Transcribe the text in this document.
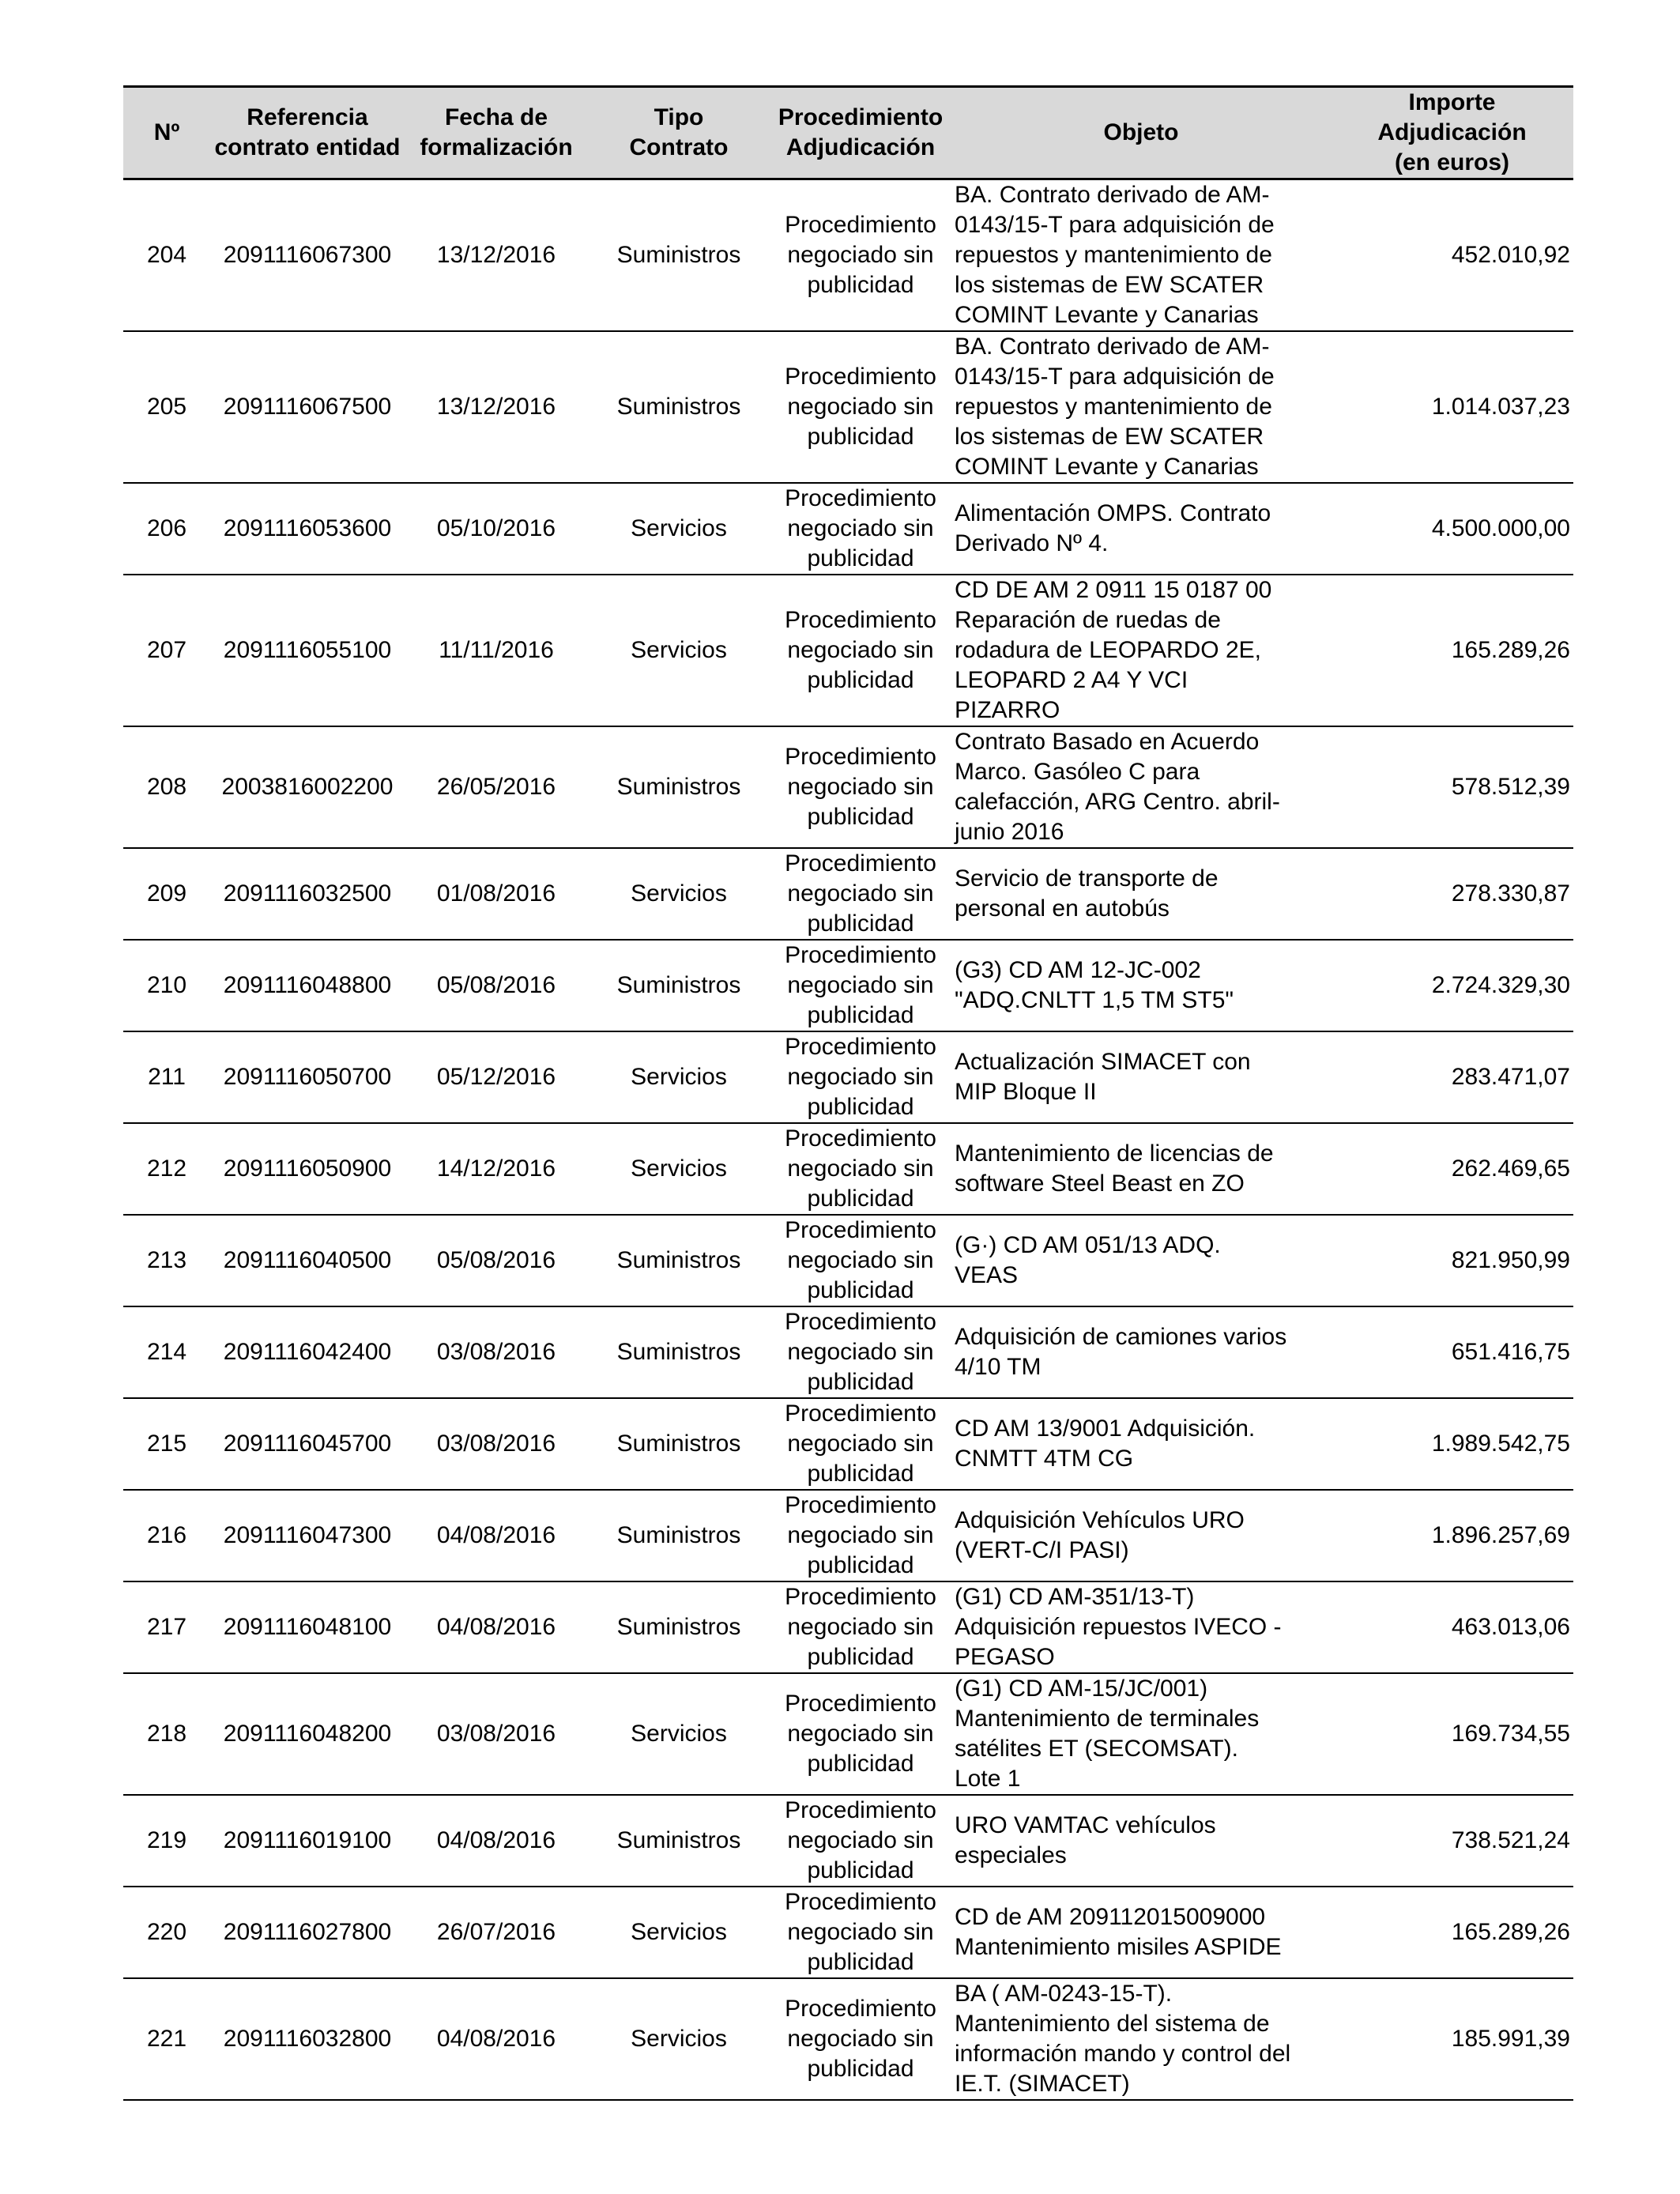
Nº	Referencia
contrato entidad	Fecha de
formalización	Tipo
Contrato	Procedimiento
Adjudicación	Objeto	Importe
Adjudicación
(en euros)
204	2091116067300	13/12/2016	Suministros	Procedimiento
negociado sin
publicidad	BA. Contrato derivado de AM-
0143/15-T para adquisición de
repuestos y mantenimiento de
los sistemas de EW SCATER
COMINT Levante y Canarias	452.010,92
205	2091116067500	13/12/2016	Suministros	Procedimiento
negociado sin
publicidad	BA. Contrato derivado de AM-
0143/15-T para adquisición de
repuestos y mantenimiento de
los sistemas de EW SCATER
COMINT Levante y Canarias	1.014.037,23
206	2091116053600	05/10/2016	Servicios	Procedimiento
negociado sin
publicidad	Alimentación OMPS. Contrato
Derivado Nº 4.	4.500.000,00
207	2091116055100	11/11/2016	Servicios	Procedimiento
negociado sin
publicidad	CD DE AM 2 0911 15 0187 00
Reparación de ruedas de
rodadura de LEOPARDO 2E,
LEOPARD 2 A4 Y VCI
PIZARRO	165.289,26
208	2003816002200	26/05/2016	Suministros	Procedimiento
negociado sin
publicidad	Contrato Basado en Acuerdo
Marco. Gasóleo C para
calefacción, ARG Centro. abril-
junio 2016	578.512,39
209	2091116032500	01/08/2016	Servicios	Procedimiento
negociado sin
publicidad	Servicio de transporte de
personal en autobús	278.330,87
210	2091116048800	05/08/2016	Suministros	Procedimiento
negociado sin
publicidad	(G3) CD AM 12-JC-002
"ADQ.CNLTT 1,5 TM ST5"	2.724.329,30
211	2091116050700	05/12/2016	Servicios	Procedimiento
negociado sin
publicidad	Actualización SIMACET con
MIP Bloque II	283.471,07
212	2091116050900	14/12/2016	Servicios	Procedimiento
negociado sin
publicidad	Mantenimiento de licencias de
software Steel Beast en ZO	262.469,65
213	2091116040500	05/08/2016	Suministros	Procedimiento
negociado sin
publicidad	(G·) CD AM 051/13 ADQ.
VEAS	821.950,99
214	2091116042400	03/08/2016	Suministros	Procedimiento
negociado sin
publicidad	Adquisición de camiones varios
4/10 TM	651.416,75
215	2091116045700	03/08/2016	Suministros	Procedimiento
negociado sin
publicidad	CD AM 13/9001 Adquisición.
CNMTT 4TM CG	1.989.542,75
216	2091116047300	04/08/2016	Suministros	Procedimiento
negociado sin
publicidad	Adquisición Vehículos URO
(VERT-C/I PASI)	1.896.257,69
217	2091116048100	04/08/2016	Suministros	Procedimiento
negociado sin
publicidad	(G1) CD AM-351/13-T)
Adquisición repuestos IVECO -
PEGASO	463.013,06
218	2091116048200	03/08/2016	Servicios	Procedimiento
negociado sin
publicidad	(G1) CD AM-15/JC/001)
Mantenimiento de terminales
satélites ET (SECOMSAT).
Lote 1	169.734,55
219	2091116019100	04/08/2016	Suministros	Procedimiento
negociado sin
publicidad	URO VAMTAC vehículos
especiales	738.521,24
220	2091116027800	26/07/2016	Servicios	Procedimiento
negociado sin
publicidad	CD de AM 209112015009000
Mantenimiento misiles ASPIDE	165.289,26
221	2091116032800	04/08/2016	Servicios	Procedimiento
negociado sin
publicidad	BA ( AM-0243-15-T).
Mantenimiento del sistema de
información mando y control del
IE.T. (SIMACET)	185.991,39
